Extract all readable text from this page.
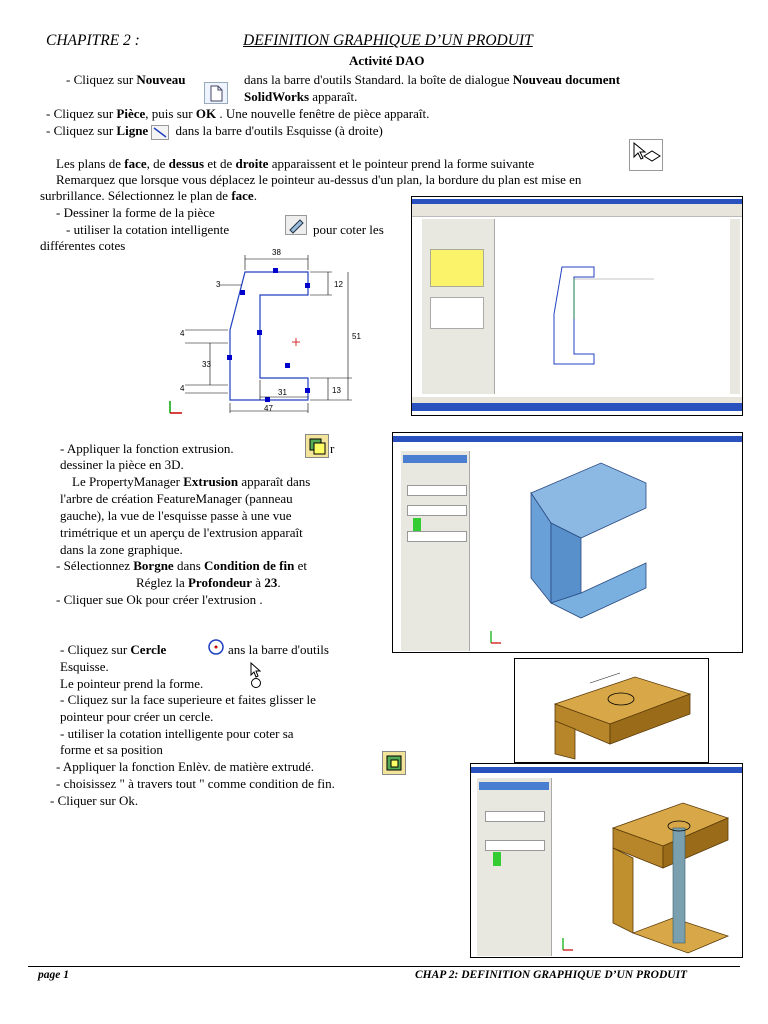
CHAPITRE 2 :	DEFINITION GRAPHIQUE D’UN PRODUIT
Activité DAO
- Cliquez sur Nouveau	dans la barre d'outils Standard. la boîte de dialogue Nouveau document
SolidWorks apparaît.
- Cliquez sur Pièce, puis sur OK . Une nouvelle fenêtre de pièce apparaît.
- Cliquez sur Ligne dans la barre d'outils Esquisse (à droite)
Les plans de face, de dessus et de droite apparaissent et le pointeur prend la forme suivante
Remarquez que lorsque vous déplacez le pointeur au-dessus d'un plan, la bordure du plan est mise en
surbrillance. Sélectionnez le plan de face.
- Dessiner la forme de la pièce
- utiliser la cotation intelligente	pour coter les
différentes cotes	38
3	12
4
33
51
4	13
31
47
- Appliquer la fonction extrusion.	r
dessiner la pièce en 3D.
Le PropertyManager Extrusion apparaît dans
l'arbre de création FeatureManager (panneau
gauche), la vue de l'esquisse passe à une vue
trimétrique et un aperçu de l'extrusion apparaît
dans la zone graphique.
- Sélectionnez Borgne dans Condition de fin et
Réglez la Profondeur à 23.
- Cliquer sue Ok pour créer l'extrusion .
- Cliquez sur Cercle	ans la barre d'outils
Esquisse.
Le pointeur prend la forme.
- Cliquez sur la face superieure et faites glisser le
pointeur pour créer un cercle.
- utiliser la cotation intelligente pour coter sa
forme et sa position
- Appliquer la fonction Enlèv. de matière extrudé.
- choisissez " à travers tout " comme condition de fin.
- Cliquer sur Ok.
page 1	CHAP 2: DEFINITION GRAPHIQUE D’UN PRODUIT
